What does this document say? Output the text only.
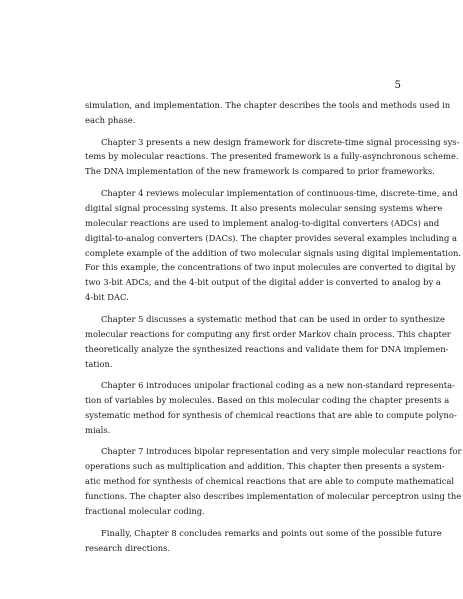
5

simulation, and implementation. The chapter describes the tools and methods used in
each phase.

Chapter 3 presents a new design framework for discrete-time signal processing sys-
tems by molecular reactions. The presented framework is a fully-asynchronous scheme.
The DNA implementation of the new framework is compared to prior frameworks.

Chapter 4 reviews molecular implementation of continuous-time, discrete-time, and
digital signal processing systems. It also presents molecular sensing systems where
molecular reactions are used to implement analog-to-digital converters (ADCs) and
digital-to-analog converters (DACs). The chapter provides several examples including a
complete example of the addition of two molecular signals using digital implementation.
For this example, the concentrations of two input molecules are converted to digital by
two 3-bit ADCs, and the 4-bit output of the digital adder is converted to analog by a
4-bit DAC.

Chapter 5 discusses a systematic method that can be used in order to synthesize
molecular reactions for computing any first order Markov chain process. This chapter
theoretically analyze the synthesized reactions and validate them for DNA implemen-
tation.

Chapter 6 introduces unipolar fractional coding as a new non-standard representa-
tion of variables by molecules. Based on this molecular coding the chapter presents a
systematic method for synthesis of chemical reactions that are able to compute polyno-
mials.

Chapter 7 introduces bipolar representation and very simple molecular reactions for
operations such as multiplication and addition. This chapter then presents a system-
atic method for synthesis of chemical reactions that are able to compute mathematical
functions. The chapter also describes implementation of molecular perceptron using the
fractional molecular coding.

Finally, Chapter 8 concludes remarks and points out some of the possible future
research directions.
